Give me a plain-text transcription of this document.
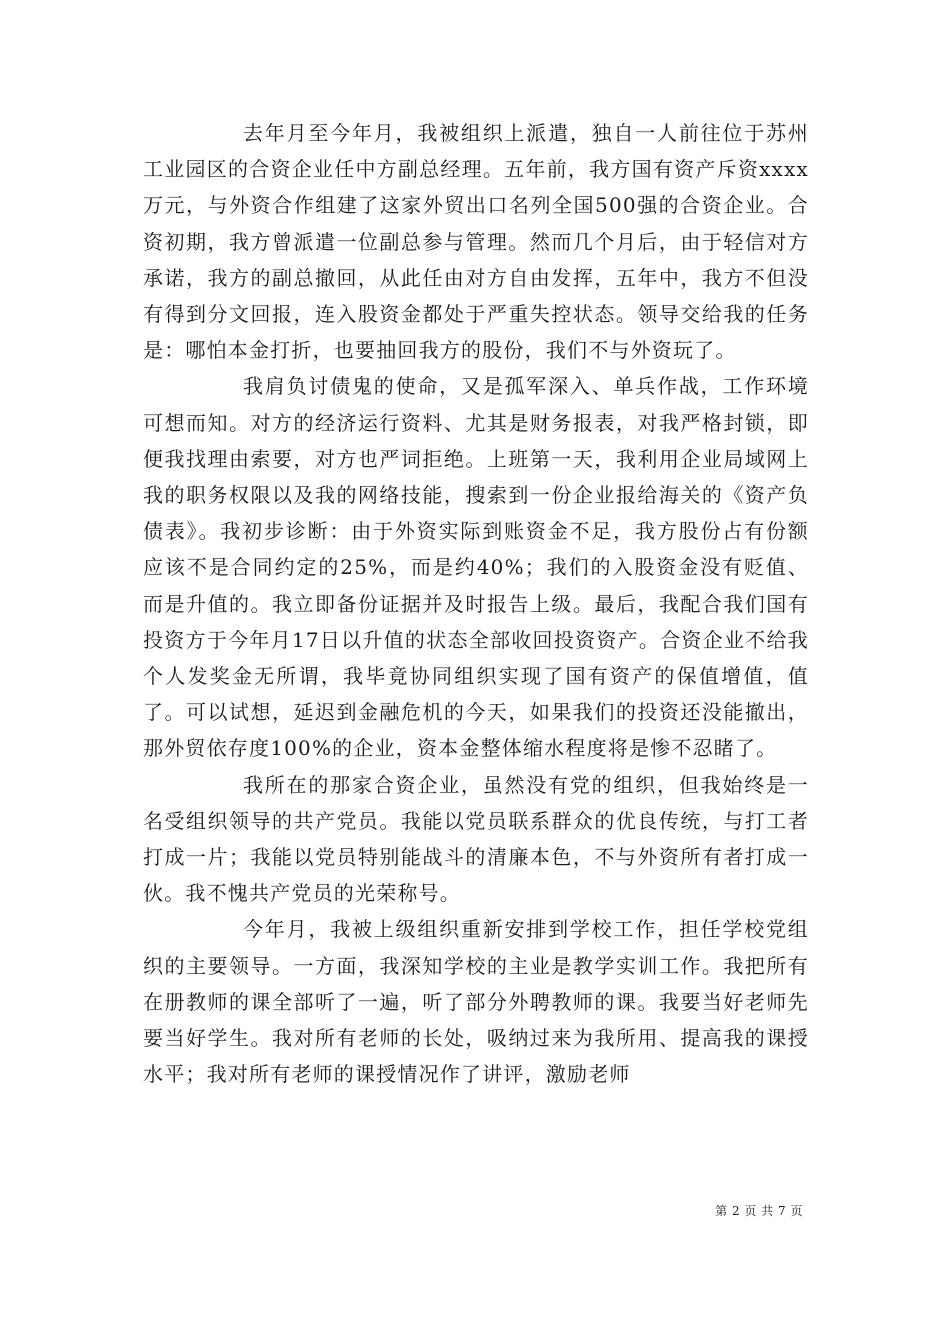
去年月至今年月，我被组织上派遣，独自一人前往位于苏州工业园区的合资企业任中方副总经理。五年前，我方国有资产斥资xxxx万元，与外资合作组建了这家外贸出口名列全国500强的合资企业。合资初期，我方曾派遣一位副总参与管理。然而几个月后，由于轻信对方承诺，我方的副总撤回，从此任由对方自由发挥，五年中，我方不但没有得到分文回报，连入股资金都处于严重失控状态。领导交给我的任务是：哪怕本金打折，也要抽回我方的股份，我们不与外资玩了。

我肩负讨债鬼的使命，又是孤军深入、单兵作战，工作环境可想而知。对方的经济运行资料、尤其是财务报表，对我严格封锁，即便我找理由索要，对方也严词拒绝。上班第一天，我利用企业局域网上我的职务权限以及我的网络技能，搜索到一份企业报给海关的《资产负债表》。我初步诊断：由于外资实际到账资金不足，我方股份占有份额应该不是合同约定的25%，而是约40%；我们的入股资金没有贬值、而是升值的。我立即备份证据并及时报告上级。最后，我配合我们国有投资方于今年月17日以升值的状态全部收回投资资产。合资企业不给我个人发奖金无所谓，我毕竟协同组织实现了国有资产的保值增值，值了。可以试想，延迟到金融危机的今天，如果我们的投资还没能撤出，那外贸依存度100%的企业，资本金整体缩水程度将是惨不忍睹了。

我所在的那家合资企业，虽然没有党的组织，但我始终是一名受组织领导的共产党员。我能以党员联系群众的优良传统，与打工者打成一片；我能以党员特别能战斗的清廉本色，不与外资所有者打成一伙。我不愧共产党员的光荣称号。

今年月，我被上级组织重新安排到学校工作，担任学校党组织的主要领导。一方面，我深知学校的主业是教学实训工作。我把所有在册教师的课全部听了一遍，听了部分外聘教师的课。我要当好老师先要当好学生。我对所有老师的长处，吸纳过来为我所用、提高我的课授水平；我对所有老师的课授情况作了讲评，激励老师

第 2 页 共 7 页
